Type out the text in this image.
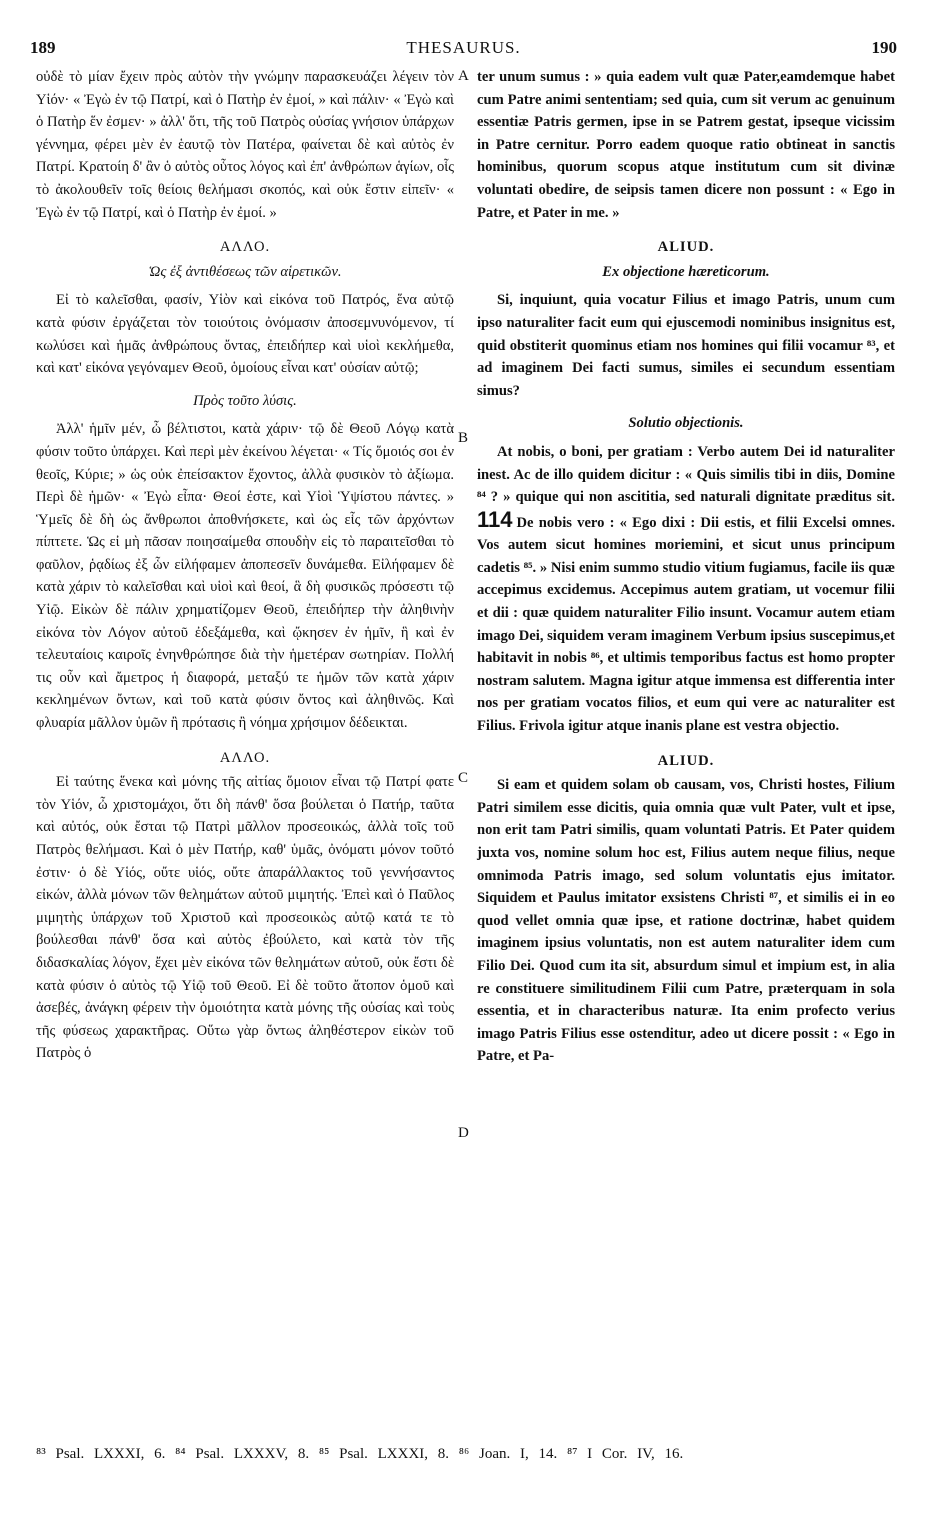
189	THESAURUS.	190
A
B
C
D

οὐδὲ τὸ μίαν ἔχειν πρὸς αὐτὸν τὴν γνώμην παρασκευάζει λέγειν τὸν Υἱόν· « Ἐγὼ ἐν τῷ Πατρί, καὶ ὁ Πατὴρ ἐν ἐμοί, » καὶ πάλιν· « Ἐγὼ καὶ ὁ Πατὴρ ἕν ἐσμεν· » ἀλλ' ὅτι, τῆς τοῦ Πατρὸς οὐσίας γνήσιον ὑπάρχων γέννημα, φέρει μὲν ἐν ἑαυτῷ τὸν Πατέρα, φαίνεται δὲ καὶ αὐτὸς ἐν Πατρί. Κρατοίη δ' ἂν ὁ αὐτὸς οὗτος λόγος καὶ ἐπ' ἀνθρώπων ἁγίων, οἷς τὸ ἀκολουθεῖν τοῖς θείοις θελήμασι σκοπός, καὶ οὐκ ἔστιν εἰπεῖν· « Ἐγὼ ἐν τῷ Πατρί, καὶ ὁ Πατὴρ ἐν ἐμοί. »

ΑΛΛΟ.
Ὡς ἐξ ἀντιθέσεως τῶν αἱρετικῶν.

Εἰ τὸ καλεῖσθαι, φασίν, Υἱὸν καὶ εἰκόνα τοῦ Πατρός, ἕνα αὐτῷ κατὰ φύσιν ἐργάζεται τὸν τοιούτοις ὀνόμασιν ἀποσεμνυνόμενον, τί κωλύσει καὶ ἡμᾶς ἀνθρώπους ὄντας, ἐπειδήπερ καὶ υἱοὶ κεκλήμεθα, καὶ κατ' εἰκόνα γεγόναμεν Θεοῦ, ὁμοίους εἶναι κατ' οὐσίαν αὐτῷ;

Πρὸς τοῦτο λύσις.

Ἀλλ' ἡμῖν μέν, ὦ βέλτιστοι, κατὰ χάριν· τῷ δὲ Θεοῦ Λόγῳ κατὰ φύσιν τοῦτο ὑπάρχει. Καὶ περὶ μὲν ἐκείνου λέγεται· « Τίς ὅμοιός σοι ἐν θεοῖς, Κύριε; » ὡς οὐκ ἐπείσακτον ἔχοντος, ἀλλὰ φυσικὸν τὸ ἀξίωμα. Περὶ δὲ ἡμῶν· « Ἐγὼ εἶπα· Θεοί ἐστε, καὶ Υἱοὶ Ὑψίστου πάντες. » Ὑμεῖς δὲ δὴ ὡς ἄνθρωποι ἀποθνήσκετε, καὶ ὡς εἷς τῶν ἀρχόντων πίπτετε. Ὡς εἰ μὴ πᾶσαν ποιησαίμεθα σπουδὴν εἰς τὸ παραιτεῖσθαι τὸ φαῦλον, ῥᾳδίως ἐξ ὧν εἰλήφαμεν ἀποπεσεῖν δυνάμεθα. Εἰλήφαμεν δὲ κατὰ χάριν τὸ καλεῖσθαι καὶ υἱοὶ καὶ θεοί, ἃ δὴ φυσικῶς πρόσεστι τῷ Υἱῷ. Εἰκὼν δὲ πάλιν χρηματίζομεν Θεοῦ, ἐπειδήπερ τὴν ἀληθινὴν εἰκόνα τὸν Λόγον αὐτοῦ ἐδεξάμεθα, καὶ ᾤκησεν ἐν ἡμῖν, ἣ καὶ ἐν τελευταίοις καιροῖς ἐνηνθρώπησε διὰ τὴν ἡμετέραν σωτηρίαν. Πολλή τις οὖν καὶ ἄμετρος ἡ διαφορά, μεταξύ τε ἡμῶν τῶν κατὰ χάριν κεκλημένων ὄντων, καὶ τοῦ κατὰ φύσιν ὄντος καὶ ἀληθινῶς. Καὶ φλυαρία μᾶλλον ὑμῶν ἢ πρότασις ἢ νόημα χρήσιμον δέδεικται.

ΑΛΛΟ.

Εἰ ταύτης ἕνεκα καὶ μόνης τῆς αἰτίας ὅμοιον εἶναι τῷ Πατρί φατε τὸν Υἱόν, ὦ χριστομάχοι, ὅτι δὴ πάνθ' ὅσα βούλεται ὁ Πατήρ, ταῦτα καὶ αὐτός, οὐκ ἔσται τῷ Πατρὶ μᾶλλον προσεοικώς, ἀλλὰ τοῖς τοῦ Πατρὸς θελήμασι. Καὶ ὁ μὲν Πατήρ, καθ' ὑμᾶς, ὀνόματι μόνον τοῦτό ἐστιν· ὁ δὲ Υἱός, οὔτε υἱός, οὔτε ἀπαράλλακτος τοῦ γεννήσαντος εἰκών, ἀλλὰ μόνων τῶν θελημάτων αὐτοῦ μιμητής. Ἐπεὶ καὶ ὁ Παῦλος μιμητὴς ὑπάρχων τοῦ Χριστοῦ καὶ προσεοικὼς αὐτῷ κατά τε τὸ βούλεσθαι πάνθ' ὅσα καὶ αὐτὸς ἐβούλετο, καὶ κατὰ τὸν τῆς διδασκαλίας λόγον, ἔχει μὲν εἰκόνα τῶν θελημάτων αὐτοῦ, οὐκ ἔστι δὲ κατὰ φύσιν ὁ αὐτὸς τῷ Υἱῷ τοῦ Θεοῦ. Εἰ δὲ τοῦτο ἄτοπον ὁμοῦ καὶ ἀσεβές, ἀνάγκη φέρειν τὴν ὁμοιότητα κατὰ μόνης τῆς οὐσίας καὶ τοὺς τῆς φύσεως χαρακτῆρας. Οὕτω γὰρ ὄντως ἀληθέστερον εἰκὼν τοῦ Πατρὸς ὁ

ter unum sumus : » quia eadem vult quæ Pater,eamdemque habet cum Patre animi sententiam; sed quia, cum sit verum ac genuinum essentiæ Patris germen, ipse in se Patrem gestat, ipseque vicissim in Patre cernitur. Porro eadem quoque ratio obtineat in sanctis hominibus, quorum scopus atque institutum cum sit divinæ voluntati obedire, de seipsis tamen dicere non possunt : « Ego in Patre, et Pater in me. »

ALIUD.
Ex objectione hæreticorum.

Si, inquiunt, quia vocatur Filius et imago Patris, unum cum ipso naturaliter facit eum qui ejuscemodi nominibus insignitus est, quid obstiterit quominus etiam nos homines qui filii vocamur ⁸³, et ad imaginem Dei facti sumus, similes ei secundum essentiam simus?

Solutio objectionis.

At nobis, o boni, per gratiam : Verbo autem Dei id naturaliter inest. Ac de illo quidem dicitur : « Quis similis tibi in diis, Domine ⁸⁴ ? » quique qui non ascititia, sed naturali dignitate præditus sit. 114 De nobis vero : « Ego dixi : Dii estis, et filii Excelsi omnes. Vos autem sicut homines moriemini, et sicut unus principum cadetis ⁸⁵. » Nisi enim summo studio vitium fugiamus, facile iis quæ accepimus excidemus. Accepimus autem gratiam, ut vocemur filii et dii : quæ quidem naturaliter Filio insunt. Vocamur autem etiam imago Dei, siquidem veram imaginem Verbum ipsius suscepimus,et habitavit in nobis ⁸⁶, et ultimis temporibus factus est homo propter nostram salutem. Magna igitur atque immensa est differentia inter nos per gratiam vocatos filios, et eum qui vere ac naturaliter est Filius. Frivola igitur atque inanis plane est vestra objectio.

ALIUD.

Si eam et quidem solam ob causam, vos, Christi hostes, Filium Patri similem esse dicitis, quia omnia quæ vult Pater, vult et ipse, non erit tam Patri similis, quam voluntati Patris. Et Pater quidem juxta vos, nomine solum hoc est, Filius autem neque filius, neque omnimoda Patris imago, sed solum voluntatis ejus imitator. Siquidem et Paulus imitator exsistens Christi ⁸⁷, et similis ei in eo quod vellet omnia quæ ipse, et ratione doctrinæ, habet quidem imaginem ipsius voluntatis, non est autem naturaliter idem cum Filio Dei. Quod cum ita sit, absurdum simul et impium est, in alia re constituere similitudinem Filii cum Patre, præterquam in sola essentia, et in characteribus naturæ. Ita enim profecto verius imago Patris Filius esse ostenditur, adeo ut dicere possit : « Ego in Patre, et Pa-

⁸³ Psal. LXXXI, 6. ⁸⁴ Psal. LXXXV, 8. ⁸⁵ Psal. LXXXI, 8. ⁸⁶ Joan. I, 14. ⁸⁷ I Cor. IV, 16.
